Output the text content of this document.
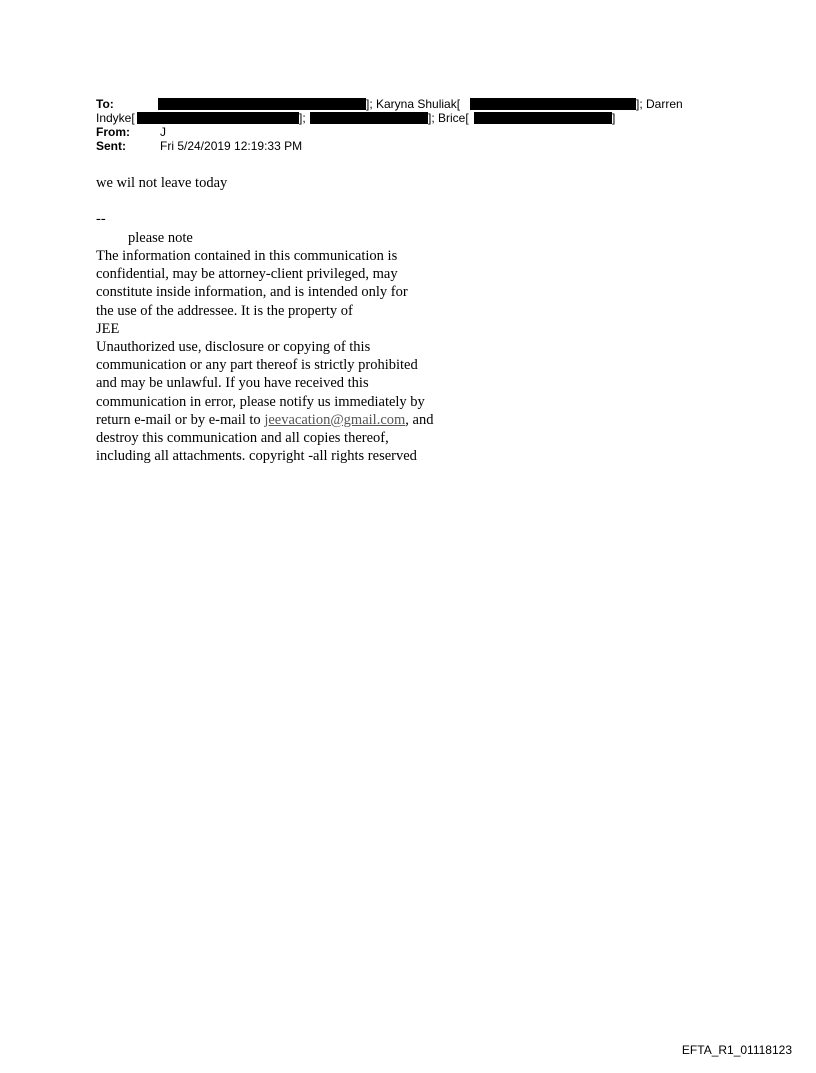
To:	]; Karyna Shuliak[	]; Darren
Indyke[	];	]; Brice[	]
From:	J
Sent:	Fri 5/24/2019 12:19:33 PM
we wil not leave today
--
please note
The information contained in this communication is
confidential, may be attorney-client privileged, may
constitute inside information, and is intended only for
the use of the addressee. It is the property of
JEE
Unauthorized use, disclosure or copying of this
communication or any part thereof is strictly prohibited
and may be unlawful. If you have received this
communication in error, please notify us immediately by
return e-mail or by e-mail to jeevacation@gmail.com, and
destroy this communication and all copies thereof,
including all attachments. copyright -all rights reserved
EFTA_R1_01118123
